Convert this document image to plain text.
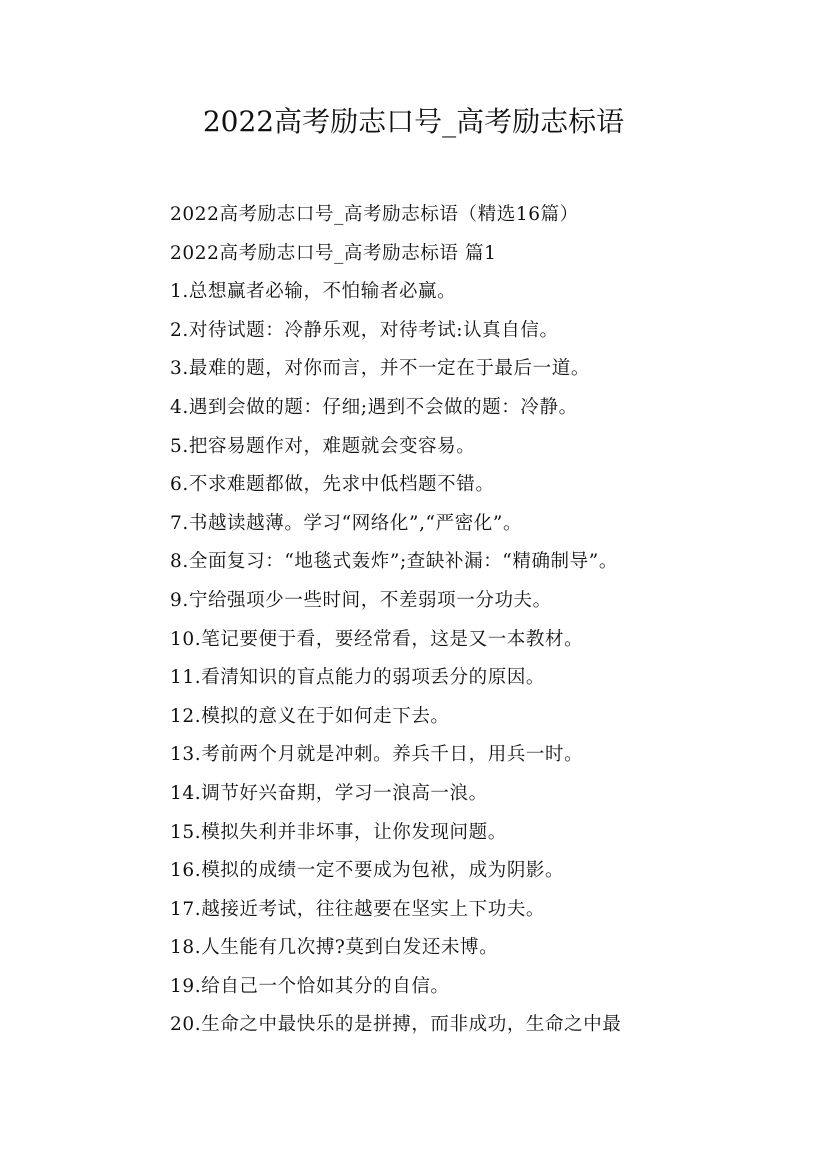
2022高考励志口号_高考励志标语
2022高考励志口号_高考励志标语（精选16篇）
2022高考励志口号_高考励志标语 篇1
1.总想赢者必输，不怕输者必赢。
2.对待试题：冷静乐观，对待考试:认真自信。
3.最难的题，对你而言，并不一定在于最后一道。
4.遇到会做的题：仔细;遇到不会做的题：冷静。
5.把容易题作对，难题就会变容易。
6.不求难题都做，先求中低档题不错。
7.书越读越薄。学习“网络化”,“严密化”。
8.全面复习：“地毯式轰炸”;查缺补漏：“精确制导”。
9.宁给强项少一些时间，不差弱项一分功夫。
10.笔记要便于看，要经常看，这是又一本教材。
11.看清知识的盲点能力的弱项丢分的原因。
12.模拟的意义在于如何走下去。
13.考前两个月就是冲刺。养兵千日，用兵一时。
14.调节好兴奋期，学习一浪高一浪。
15.模拟失利并非坏事，让你发现问题。
16.模拟的成绩一定不要成为包袱，成为阴影。
17.越接近考试，往往越要在坚实上下功夫。
18.人生能有几次搏?莫到白发还未博。
19.给自己一个恰如其分的自信。
20.生命之中最快乐的是拼搏，而非成功，生命之中最
